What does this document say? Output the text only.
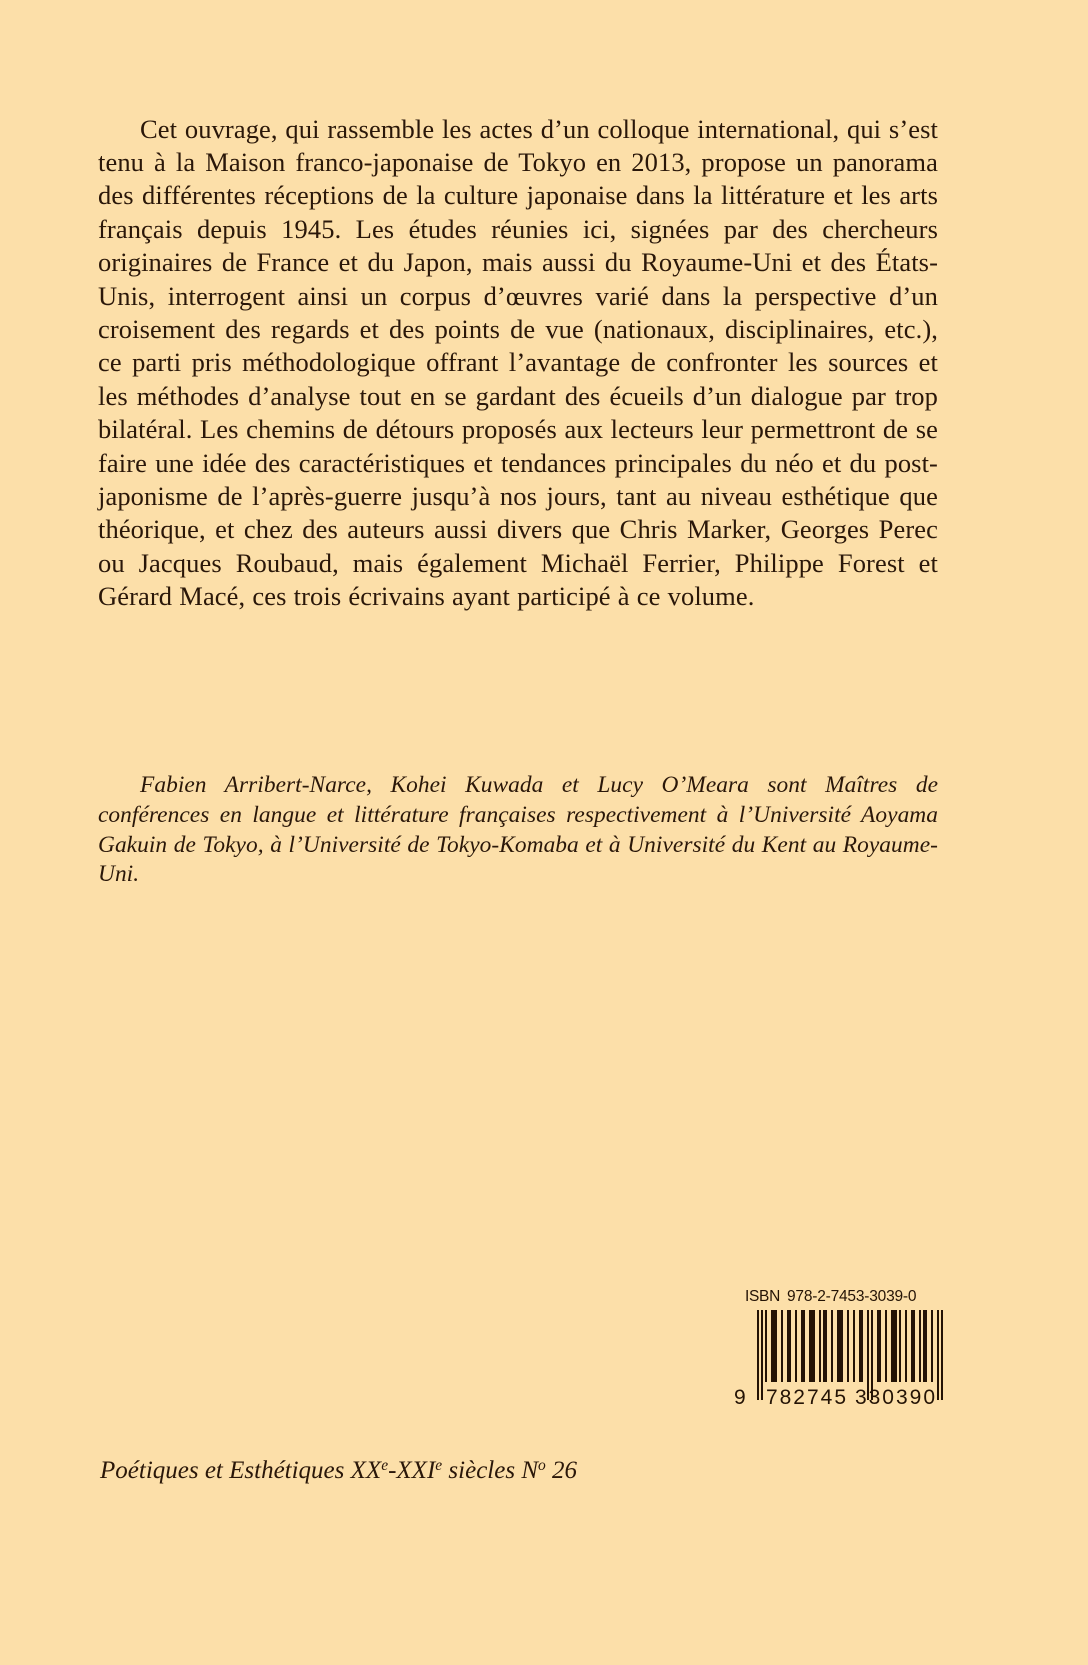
Cet ouvrage, qui rassemble les actes d’un colloque international, qui s’est tenu à la Maison franco-japonaise de Tokyo en 2013, propose un panorama des différentes réceptions de la culture japonaise dans la littérature et les arts français depuis 1945. Les études réunies ici, signées par des chercheurs originaires de France et du Japon, mais aussi du Royaume-Uni et des États-Unis, interrogent ainsi un corpus d’œuvres varié dans la perspective d’un croisement des regards et des points de vue (nationaux, disciplinaires, etc.), ce parti pris méthodologique offrant l’avantage de confronter les sources et les méthodes d’analyse tout en se gardant des écueils d’un dialogue par trop bilatéral. Les chemins de détours proposés aux lecteurs leur permettront de se faire une idée des caractéristiques et tendances principales du néo et du post-japonisme de l’après-guerre jusqu’à nos jours, tant au niveau esthétique que théorique, et chez des auteurs aussi divers que Chris Marker, Georges Perec ou Jacques Roubaud, mais également Michaël Ferrier, Philippe Forest et Gérard Macé, ces trois écrivains ayant participé à ce volume.

Fabien Arribert-Narce, Kohei Kuwada et Lucy O’Meara sont Maîtres de conférences en langue et littérature françaises respectivement à l’Université Aoyama Gakuin de Tokyo, à l’Université de Tokyo-Komaba et à Université du Kent au Royaume-Uni.

Poétiques et Esthétiques XXe-XXIe siècles $N^o$ 26
ISBN 978-2-7453-3039-0
9 782745 330390
